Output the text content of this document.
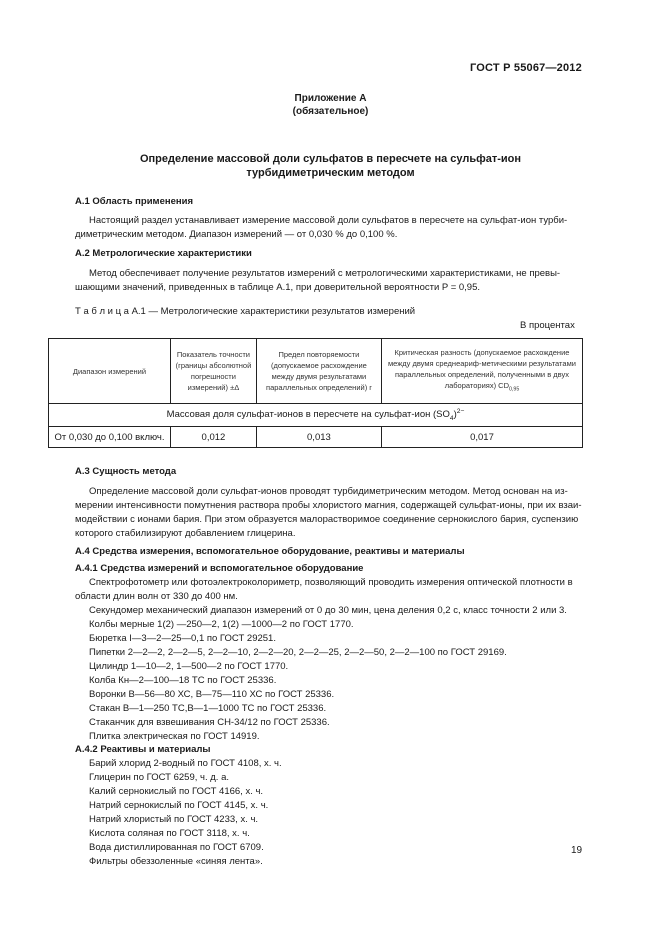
ГОСТ Р 55067—2012
Приложение А
(обязательное)
Определение массовой доли сульфатов в пересчете на сульфат-ион
турбидиметрическим методом
А.1 Область применения
Настоящий раздел устанавливает измерение массовой доли сульфатов в пересчете на сульфат-ион турби-
диметрическим методом. Диапазон измерений — от 0,030 % до 0,100 %.
А.2 Метрологические характеристики
Метод обеспечивает получение результатов измерений с метрологическими характеристиками, не превы-
шающими значений, приведенных в таблице А.1, при доверительной вероятности P = 0,95.
Т а б л и ц а А.1 — Метрологические характеристики результатов измерений
В процентах
Диапазон измерений	Показатель точности (границы абсолютной погрешности измерений) ±Δ	Предел повторяемости (допускаемое расхождение между двумя результатами параллельных определений) r	Критическая разность (допускаемое расхождение между двумя среднеариф-метическими результатами параллельных определений, полученными в двух лабораториях) $CD_{0,95}$
Массовая доля сульфат-ионов в пересчете на сульфат-ион $(SO_4)^{2-}$
От 0,030 до 0,100 включ.	0,012	0,013	0,017
А.3 Сущность метода
Определение массовой доли сульфат-ионов проводят турбидиметрическим методом. Метод основан на из-
мерении интенсивности помутнения раствора пробы хлористого магния, содержащей сульфат-ионы, при их взаи-
модействии с ионами бария. При этом образуется малорастворимое соединение сернокислого бария, суспензию
которого стабилизируют добавлением глицерина.
А.4 Средства измерения, вспомогательное оборудование, реактивы и материалы
А.4.1 Средства измерений и вспомогательное оборудование
Спектрофотометр или фотоэлектроколориметр, позволяющий проводить измерения оптической плотности в
области длин волн от 330 до 400 нм.
Секундомер механический диапазон измерений от 0 до 30 мин, цена деления 0,2 с, класс точности 2 или 3.
Колбы мерные 1(2) —250—2, 1(2) —1000—2 по ГОСТ 1770.
Бюретка I—3—2—25—0,1 по ГОСТ 29251.
Пипетки 2—2—2, 2—2—5, 2—2—10, 2—2—20, 2—2—25, 2—2—50, 2—2—100 по ГОСТ 29169.
Цилиндр 1—10—2, 1—500—2 по ГОСТ 1770.
Колба Кн—2—100—18 ТС по ГОСТ 25336.
Воронки В—56—80 ХС, В—75—110 ХС по ГОСТ 25336.
Стакан В—1—250 ТС,В—1—1000 ТС по ГОСТ 25336.
Стаканчик для взвешивания СН-34/12 по ГОСТ 25336.
Плитка электрическая по ГОСТ 14919.
А.4.2 Реактивы и материалы
Барий хлорид 2-водный по ГОСТ 4108, х. ч.
Глицерин по ГОСТ 6259, ч. д. а.
Калий сернокислый по ГОСТ 4166, х. ч.
Натрий сернокислый по ГОСТ 4145, х. ч.
Натрий хлористый по ГОСТ 4233, х. ч.
Кислота соляная по ГОСТ 3118, х. ч.
Вода дистиллированная по ГОСТ 6709.
Фильтры обеззоленные «синяя лента».
19
